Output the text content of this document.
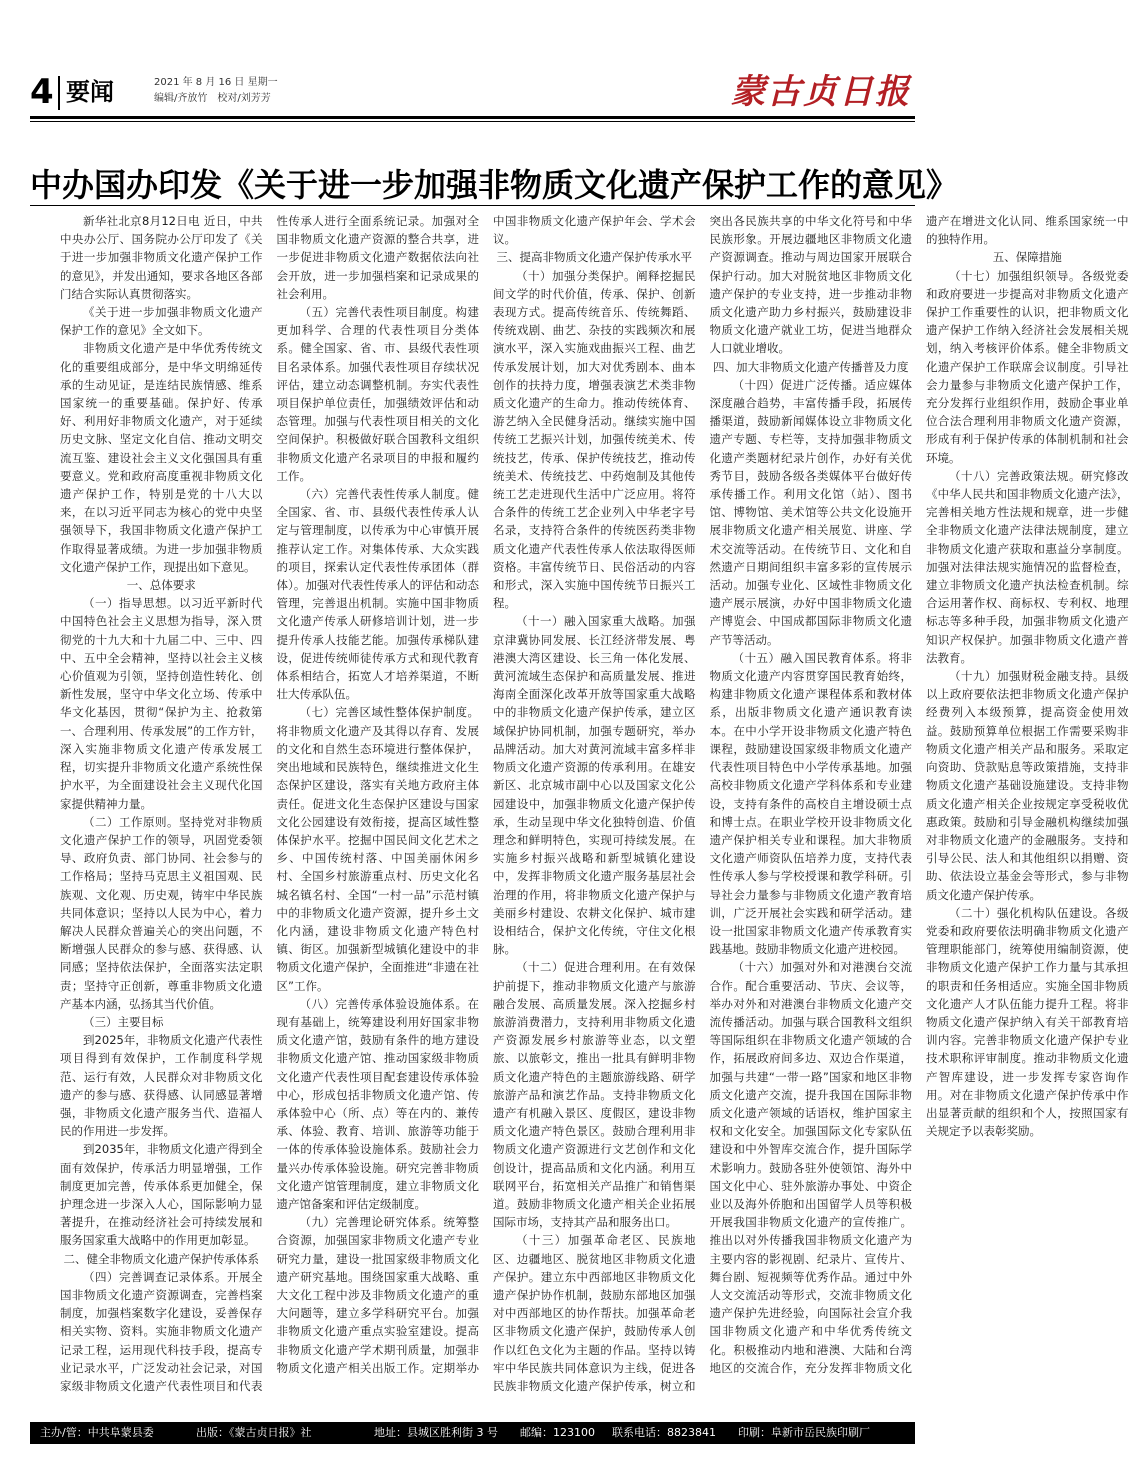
4 要闻	2021 年 8 月 16 日 星期一
编辑/齐放竹　校对/刘芳芳	蒙古贞日报
中办国办印发《关于进一步加强非物质文化遗产保护工作的意见》

新华社北京8月12日电 近日，中共中央办公厅、国务院办公厅印发了《关于进一步加强非物质文化遗产保护工作的意见》，并发出通知，要求各地区各部门结合实际认真贯彻落实。

《关于进一步加强非物质文化遗产保护工作的意见》全文如下。

非物质文化遗产是中华优秀传统文化的重要组成部分，是中华文明绵延传承的生动见证，是连结民族情感、维系国家统一的重要基础。保护好、传承好、利用好非物质文化遗产，对于延续历史文脉、坚定文化自信、推动文明交流互鉴、建设社会主义文化强国具有重要意义。党和政府高度重视非物质文化遗产保护工作，特别是党的十八大以来，在以习近平同志为核心的党中央坚强领导下，我国非物质文化遗产保护工作取得显著成绩。为进一步加强非物质文化遗产保护工作，现提出如下意见。

一、总体要求

（一）指导思想。以习近平新时代中国特色社会主义思想为指导，深入贯彻党的十九大和十九届二中、三中、四中、五中全会精神，坚持以社会主义核心价值观为引领，坚持创造性转化、创新性发展，坚守中华文化立场、传承中华文化基因，贯彻“保护为主、抢救第一、合理利用、传承发展”的工作方针，深入实施非物质文化遗产传承发展工程，切实提升非物质文化遗产系统性保护水平，为全面建设社会主义现代化国家提供精神力量。

（二）工作原则。坚持党对非物质文化遗产保护工作的领导，巩固党委领导、政府负责、部门协同、社会参与的工作格局；坚持马克思主义祖国观、民族观、文化观、历史观，铸牢中华民族共同体意识；坚持以人民为中心，着力解决人民群众普遍关心的突出问题，不断增强人民群众的参与感、获得感、认同感；坚持依法保护，全面落实法定职责；坚持守正创新，尊重非物质文化遗产基本内涵，弘扬其当代价值。

（三）主要目标

到2025年，非物质文化遗产代表性项目得到有效保护，工作制度科学规范、运行有效，人民群众对非物质文化遗产的参与感、获得感、认同感显著增强，非物质文化遗产服务当代、造福人民的作用进一步发挥。

到2035年，非物质文化遗产得到全面有效保护，传承活力明显增强，工作制度更加完善，传承体系更加健全，保护理念进一步深入人心，国际影响力显著提升，在推动经济社会可持续发展和服务国家重大战略中的作用更加彰显。

二、健全非物质文化遗产保护传承体系

（四）完善调查记录体系。开展全国非物质文化遗产资源调查，完善档案制度，加强档案数字化建设，妥善保存相关实物、资料。实施非物质文化遗产记录工程，运用现代科技手段，提高专业记录水平，广泛发动社会记录，对国家级非物质文化遗产代表性项目和代表性传承人进行全面系统记录。加强对全国非物质文化遗产资源的整合共享，进一步促进非物质文化遗产数据依法向社会开放，进一步加强档案和记录成果的社会利用。

（五）完善代表性项目制度。构建更加科学、合理的代表性项目分类体系。健全国家、省、市、县级代表性项目名录体系。加强代表性项目存续状况评估，建立动态调整机制。夯实代表性项目保护单位责任，加强绩效评估和动态管理。加强与代表性项目相关的文化空间保护。积极做好联合国教科文组织非物质文化遗产名录项目的申报和履约工作。

（六）完善代表性传承人制度。健全国家、省、市、县级代表性传承人认定与管理制度，以传承为中心审慎开展推荐认定工作。对集体传承、大众实践的项目，探索认定代表性传承团体（群体）。加强对代表性传承人的评估和动态管理，完善退出机制。实施中国非物质文化遗产传承人研修培训计划，进一步提升传承人技能艺能。加强传承梯队建设，促进传统师徒传承方式和现代教育体系相结合，拓宽人才培养渠道，不断壮大传承队伍。

（七）完善区域性整体保护制度。将非物质文化遗产及其得以存育、发展的文化和自然生态环境进行整体保护，突出地域和民族特色，继续推进文化生态保护区建设，落实有关地方政府主体责任。促进文化生态保护区建设与国家文化公园建设有效衔接，提高区域性整体保护水平。挖掘中国民间文化艺术之乡、中国传统村落、中国美丽休闲乡村、全国乡村旅游重点村、历史文化名城名镇名村、全国“一村一品”示范村镇中的非物质文化遗产资源，提升乡土文化内涵，建设非物质文化遗产特色村镇、街区。加强新型城镇化建设中的非物质文化遗产保护，全面推进“非遗在社区”工作。

（八）完善传承体验设施体系。在现有基础上，统筹建设利用好国家非物质文化遗产馆，鼓励有条件的地方建设非物质文化遗产馆、推动国家级非物质文化遗产代表性项目配套建设传承体验中心，形成包括非物质文化遗产馆、传承体验中心（所、点）等在内的、兼传承、体验、教育、培训、旅游等功能于一体的传承体验设施体系。鼓励社会力量兴办传承体验设施。研究完善非物质文化遗产馆管理制度，建立非物质文化遗产馆备案和评估定级制度。

（九）完善理论研究体系。统筹整合资源，加强国家非物质文化遗产专业研究力量，建设一批国家级非物质文化遗产研究基地。围绕国家重大战略、重大文化工程中涉及非物质文化遗产的重大问题等，建立多学科研究平台。加强非物质文化遗产重点实验室建设。提高非物质文化遗产学术期刊质量，加强非物质文化遗产相关出版工作。定期举办中国非物质文化遗产保护年会、学术会议。

三、提高非物质文化遗产保护传承水平

（十）加强分类保护。阐释挖掘民间文学的时代价值，传承、保护、创新表现方式。提高传统音乐、传统舞蹈、传统戏剧、曲艺、杂技的实践频次和展演水平，深入实施戏曲振兴工程、曲艺传承发展计划，加大对优秀剧本、曲本创作的扶持力度，增强表演艺术类非物质文化遗产的生命力。推动传统体育、游艺纳入全民健身活动。继续实施中国传统工艺振兴计划，加强传统美术、传统技艺，传承、保护传统技艺，推动传统美术、传统技艺、中药炮制及其他传统工艺走进现代生活中广泛应用。将符合条件的传统工艺企业列入中华老字号名录，支持符合条件的传统医药类非物质文化遗产代表性传承人依法取得医师资格。丰富传统节日、民俗活动的内容和形式，深入实施中国传统节日振兴工程。

（十一）融入国家重大战略。加强京津冀协同发展、长江经济带发展、粤港澳大湾区建设、长三角一体化发展、黄河流域生态保护和高质量发展、推进海南全面深化改革开放等国家重大战略中的非物质文化遗产保护传承，建立区域保护协同机制，加强专题研究，举办品牌活动。加大对黄河流域丰富多样非物质文化遗产资源的传承利用。在雄安新区、北京城市副中心以及国家文化公园建设中，加强非物质文化遗产保护传承，生动呈现中华文化独特创造、价值理念和鲜明特色，实现可持续发展。在实施乡村振兴战略和新型城镇化建设中，发挥非物质文化遗产服务基层社会治理的作用，将非物质文化遗产保护与美丽乡村建设、农耕文化保护、城市建设相结合，保护文化传统，守住文化根脉。

（十二）促进合理利用。在有效保护前提下，推动非物质文化遗产与旅游融合发展、高质量发展。深入挖掘乡村旅游消费潜力，支持利用非物质文化遗产资源发展乡村旅游等业态，以文塑旅、以旅彰文，推出一批具有鲜明非物质文化遗产特色的主题旅游线路、研学旅游产品和演艺作品。支持非物质文化遗产有机融入景区、度假区，建设非物质文化遗产特色景区。鼓励合理利用非物质文化遗产资源进行文艺创作和文化创设计，提高品质和文化内涵。利用互联网平台，拓宽相关产品推广和销售渠道。鼓励非物质文化遗产相关企业拓展国际市场，支持其产品和服务出口。

（十三）加强革命老区、民族地区、边疆地区、脱贫地区非物质文化遗产保护。建立东中西部地区非物质文化遗产保护协作机制，鼓励东部地区加强对中西部地区的协作帮扶。加强革命老区非物质文化遗产保护，鼓励传承人创作以红色文化为主题的作品。坚持以铸牢中华民族共同体意识为主线，促进各民族非物质文化遗产保护传承，树立和突出各民族共享的中华文化符号和中华民族形象。开展边疆地区非物质文化遗产资源调查。推动与周边国家开展联合保护行动。加大对脱贫地区非物质文化遗产保护的专业支持，进一步推动非物质文化遗产助力乡村振兴，鼓励建设非物质文化遗产就业工坊，促进当地群众人口就业增收。

四、加大非物质文化遗产传播普及力度

（十四）促进广泛传播。适应媒体深度融合趋势，丰富传播手段，拓展传播渠道，鼓励新闻媒体设立非物质文化遗产专题、专栏等，支持加强非物质文化遗产类题材纪录片创作，办好有关优秀节目，鼓励各级各类媒体平台做好传承传播工作。利用文化馆（站）、图书馆、博物馆、美术馆等公共文化设施开展非物质文化遗产相关展览、讲座、学术交流等活动。在传统节日、文化和自然遗产日期间组织丰富多彩的宣传展示活动。加强专业化、区域性非物质文化遗产展示展演，办好中国非物质文化遗产博览会、中国成都国际非物质文化遗产节等活动。

（十五）融入国民教育体系。将非物质文化遗产内容贯穿国民教育始终，构建非物质文化遗产课程体系和教材体系，出版非物质文化遗产通识教育读本。在中小学开设非物质文化遗产特色课程，鼓励建设国家级非物质文化遗产代表性项目特色中小学传承基地。加强高校非物质文化遗产学科体系和专业建设，支持有条件的高校自主增设硕士点和博士点。在职业学校开设非物质文化遗产保护相关专业和课程。加大非物质文化遗产师资队伍培养力度，支持代表性传承人参与学校授课和教学科研。引导社会力量参与非物质文化遗产教育培训，广泛开展社会实践和研学活动。建设一批国家非物质文化遗产传承教育实践基地。鼓励非物质文化遗产进校园。

（十六）加强对外和对港澳台交流合作。配合重要活动、节庆、会议等，举办对外和对港澳台非物质文化遗产交流传播活动。加强与联合国教科文组织等国际组织在非物质文化遗产领域的合作，拓展政府间多边、双边合作渠道，加强与共建“一带一路”国家和地区非物质文化遗产交流，提升我国在国际非物质文化遗产领域的话语权，维护国家主权和文化安全。加强国际文化专家队伍建设和中外智库交流合作，提升国际学术影响力。鼓励各驻外使领馆、海外中国文化中心、驻外旅游办事处、中资企业以及海外侨胞和出国留学人员等积极开展我国非物质文化遗产的宣传推广。推出以对外传播我国非物质文化遗产为主要内容的影视剧、纪录片、宣传片、舞台剧、短视频等优秀作品。通过中外人文交流活动等形式，交流非物质文化遗产保护先进经验，向国际社会宣介我国非物质文化遗产和中华优秀传统文化。积极推动内地和港澳、大陆和台湾地区的交流合作，充分发挥非物质文化遗产在增进文化认同、维系国家统一中的独特作用。

五、保障措施

（十七）加强组织领导。各级党委和政府要进一步提高对非物质文化遗产保护工作重要性的认识，把非物质文化遗产保护工作纳入经济社会发展相关规划，纳入考核评价体系。健全非物质文化遗产保护工作联席会议制度。引导社会力量参与非物质文化遗产保护工作，充分发挥行业组织作用，鼓励企事业单位合法合理利用非物质文化遗产资源，形成有利于保护传承的体制机制和社会环境。

（十八）完善政策法规。研究修改《中华人民共和国非物质文化遗产法》，完善相关地方性法规和规章，进一步健全非物质文化遗产法律法规制度，建立非物质文化遗产获取和惠益分享制度。加强对法律法规实施情况的监督检查，建立非物质文化遗产执法检查机制。综合运用著作权、商标权、专利权、地理标志等多种手段，加强非物质文化遗产知识产权保护。加强非物质文化遗产普法教育。

（十九）加强财税金融支持。县级以上政府要依法把非物质文化遗产保护经费列入本级预算，提高资金使用效益。鼓励预算单位根据工作需要采购非物质文化遗产相关产品和服务。采取定向资助、贷款贴息等政策措施，支持非物质文化遗产基础设施建设。支持非物质文化遗产相关企业按规定享受税收优惠政策。鼓励和引导金融机构继续加强对非物质文化遗产的金融服务。支持和引导公民、法人和其他组织以捐赠、资助、依法设立基金会等形式，参与非物质文化遗产保护传承。

（二十）强化机构队伍建设。各级党委和政府要依法明确非物质文化遗产管理职能部门，统筹使用编制资源，使非物质文化遗产保护工作力量与其承担的职责和任务相适应。实施全国非物质文化遗产人才队伍能力提升工程。将非物质文化遗产保护纳入有关干部教育培训内容。完善非物质文化遗产保护专业技术职称评审制度。推动非物质文化遗产智库建设，进一步发挥专家咨询作用。对在非物质文化遗产保护传承中作出显著贡献的组织和个人，按照国家有关规定予以表彰奖励。

主办/管：中共阜蒙县委	出版：《蒙古贞日报》社	地址：县城区胜利街 3 号 邮编：123100 联系电话：8823841 印刷：阜新市岳民族印刷厂
